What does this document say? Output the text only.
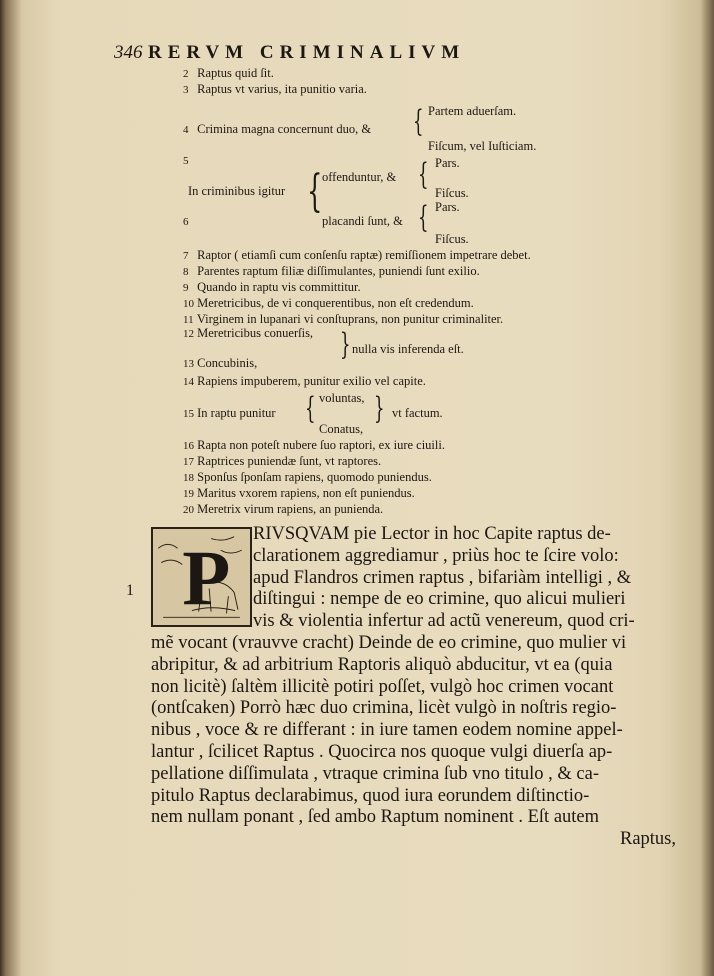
346 RERVM CRIMINALIVM
2 Raptus quid ſit.
3 Raptus vt varius, ita punitio varia.
Partem aduerſam.
{
4 Crimina magna concernunt duo, &
Fiſcum, vel Iuſticiam.
5	Pars.
{
offenduntur, &
Fiſcus.
{
In criminibus igitur
6
Pars.
{
placandi ſunt, &
Fiſcus.
7 Raptor ( etiamſi cum conſenſu raptæ) remiſſionem impetrare debet.
8 Parentes raptum filiæ diſſimulantes, puniendi ſunt exilio.
9 Quando in raptu vis committitur.
10 Meretricibus, de vi conquerentibus, non eſt credendum.
11 Virginem in lupanari vi conſtuprans, non punitur criminaliter.
12 Meretricibus conuerſis, } nulla vis inferenda eſt.
13 Concubinis,
14 Rapiens impuberem, punitur exilio vel capite.
voluntas,
{
15 In raptu punitur	} vt factum.
Conatus,
16 Rapta non poteſt nubere ſuo raptori, ex iure ciuili.
17 Raptrices puniendæ ſunt, vt raptores.
18 Sponſus ſponſam rapiens, quomodo puniendus.
19 Maritus vxorem rapiens, non eſt puniendus.
20 Meretrix virum rapiens, an punienda.
P
1
RIVSQVAM pie Lector in hoc Capite raptus de-
clarationem aggrediamur , priùs hoc te ſcire volo:
apud Flandros crimen raptus , bifariàm intelligi , &
diſtingui : nempe de eo crimine, quo alicui mulieri
vis & violentia infertur ad actũ venereum, quod cri-
mẽ vocant (vrauvve cracht) Deinde de eo crimine, quo mulier vi
abripitur, & ad arbitrium Raptoris aliquò abducitur, vt ea (quia
non licitè) ſaltèm illicitè potiri poſſet, vulgò hoc crimen vocant
(ontſcaken) Porrò hæc duo crimina, licèt vulgò in noſtris regio-
nibus , voce & re differant : in iure tamen eodem nomine appel-
lantur , ſcilicet Raptus . Quocirca nos quoque vulgi diuerſa ap-
pellatione diſſimulata , vtraque crimina ſub vno titulo , & ca-
pitulo Raptus declarabimus, quod iura eorundem diſtinctio-
nem nullam ponant , ſed ambo Raptum nominent . Eſt autem
Raptus,
